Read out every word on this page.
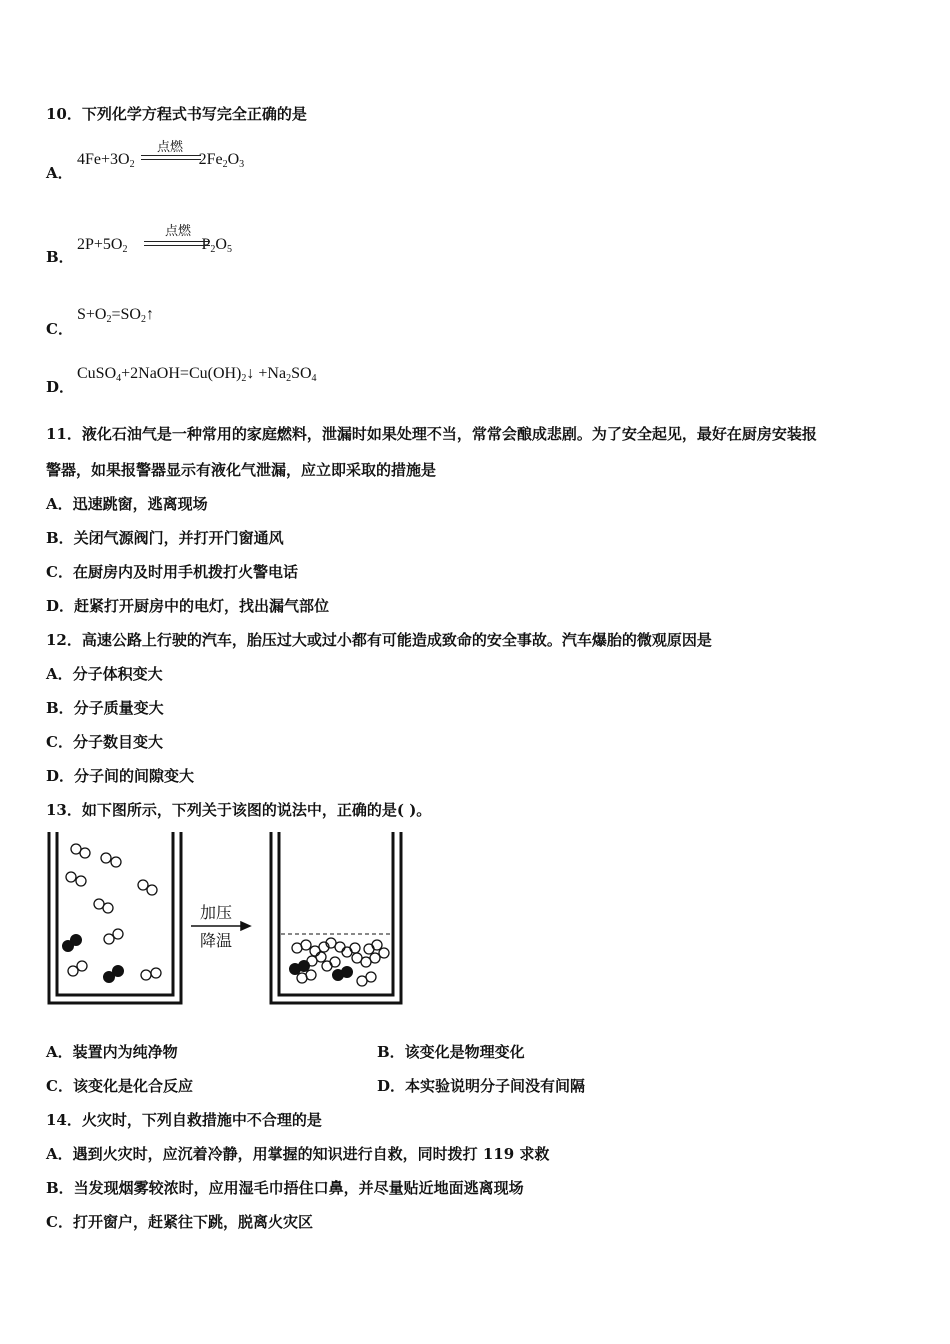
10．下列化学方程式书写完全正确的是
A．
$4Fe+3O_2$	$2Fe_2O_3$
点燃
B．
$2P+5O_2$	$P_2O_5$
点燃
C．
$S+O_2=SO_2↑$
D．
$CuSO_4+2NaOH=Cu(OH)_2↓ +Na_2SO_4$
11．液化石油气是一种常用的家庭燃料，泄漏时如果处理不当，常常会酿成悲剧。为了安全起见，最好在厨房安装报
警器，如果报警器显示有液化气泄漏，应立即采取的措施是
A．迅速跳窗，逃离现场
B．关闭气源阀门，并打开门窗通风
C．在厨房内及时用手机拨打火警电话
D．赶紧打开厨房中的电灯，找出漏气部位
12．高速公路上行驶的汽车，胎压过大或过小都有可能造成致命的安全事故。汽车爆胎的微观原因是
A．分子体积变大
B．分子质量变大
C．分子数目变大
D．分子间的间隙变大
13．如下图所示，下列关于该图的说法中，正确的是( )。
加压
降温
A．装置内为纯净物	B．该变化是物理变化
C．该变化是化合反应	D．本实验说明分子间没有间隔
14．火灾时，下列自救措施中不合理的是
A．遇到火灾时，应沉着冷静，用掌握的知识进行自救，同时拨打 119 求救
B．当发现烟雾较浓时，应用湿毛巾捂住口鼻，并尽量贴近地面逃离现场
C．打开窗户，赶紧往下跳，脱离火灾区
